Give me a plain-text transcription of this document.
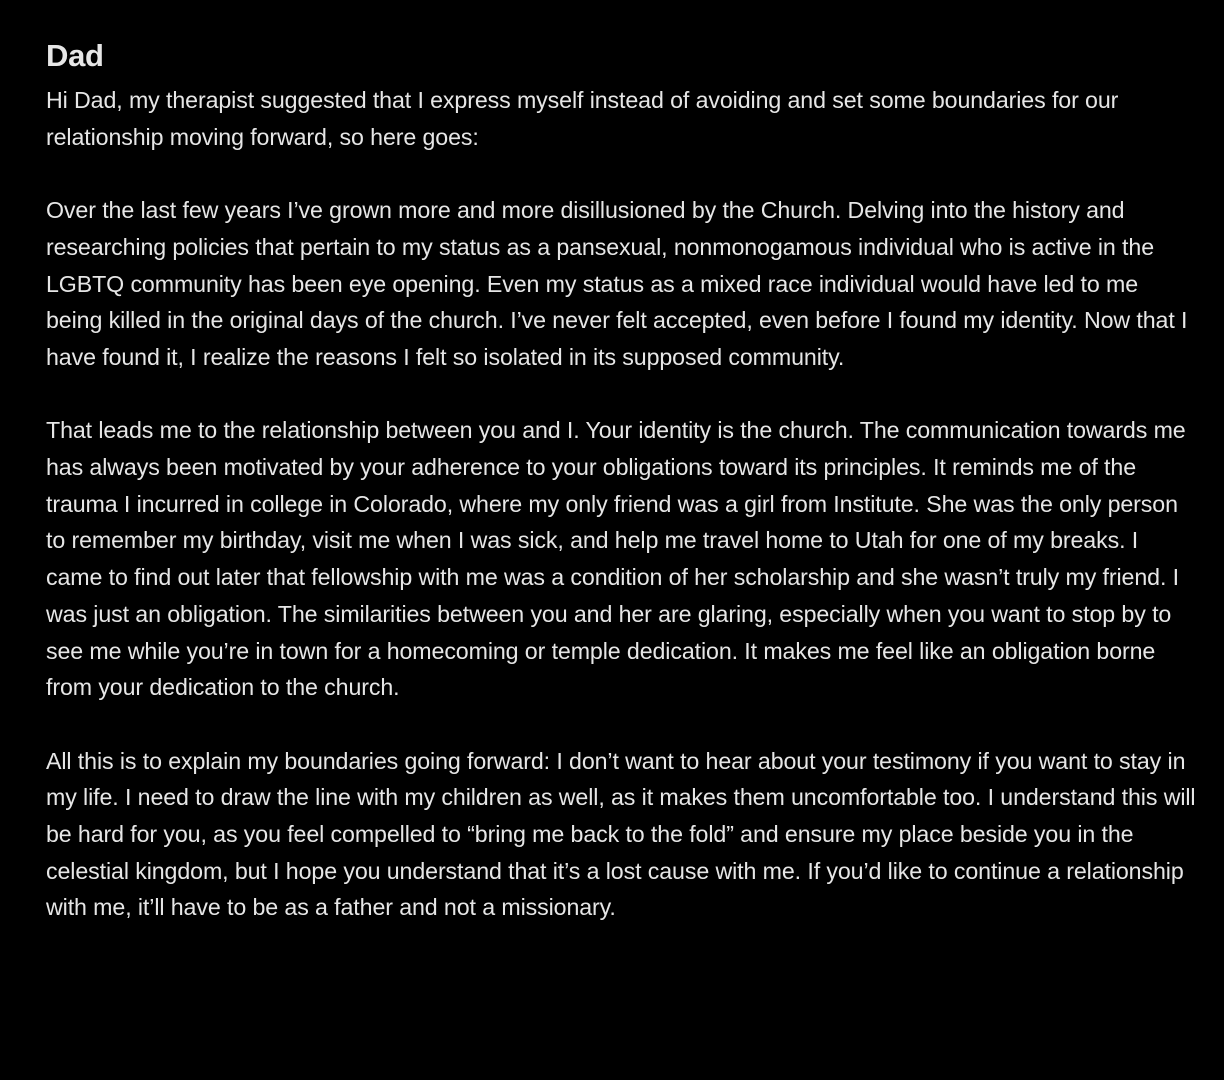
Dad

Hi Dad, my therapist suggested that I express myself instead of avoiding and set some boundaries for our relationship moving forward, so here goes:

Over the last few years I’ve grown more and more disillusioned by the Church. Delving into the history and researching policies that pertain to my status as a pansexual, nonmonogamous individual who is active in the LGBTQ community has been eye opening. Even my status as a mixed race individual would have led to me being killed in the original days of the church. I’ve never felt accepted, even before I found my identity. Now that I have found it, I realize the reasons I felt so isolated in its supposed community.

That leads me to the relationship between you and I. Your identity is the church. The communication towards me has always been motivated by your adherence to your obligations toward its principles. It reminds me of the trauma I incurred in college in Colorado, where my only friend was a girl from Institute. She was the only person to remember my birthday, visit me when I was sick, and help me travel home to Utah for one of my breaks. I came to find out later that fellowship with me was a condition of her scholarship and she wasn’t truly my friend. I was just an obligation. The similarities between you and her are glaring, especially when you want to stop by to see me while you’re in town for a homecoming or temple dedication. It makes me feel like an obligation borne from your dedication to the church.

All this is to explain my boundaries going forward: I don’t want to hear about your testimony if you want to stay in my life. I need to draw the line with my children as well, as it makes them uncomfortable too. I understand this will be hard for you, as you feel compelled to “bring me back to the fold” and ensure my place beside you in the celestial kingdom, but I hope you understand that it’s a lost cause with me. If you’d like to continue a relationship with me, it’ll have to be as a father and not a missionary.
